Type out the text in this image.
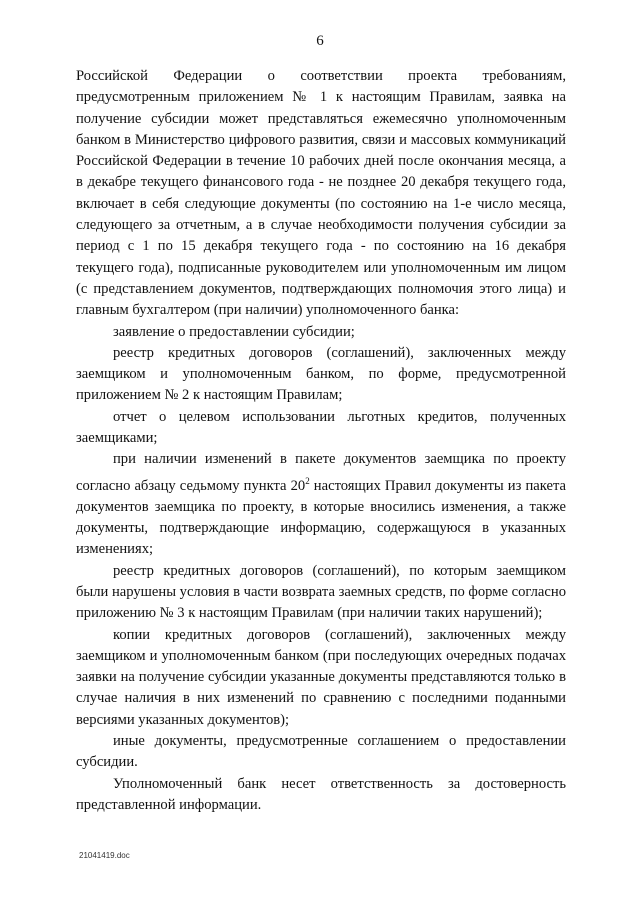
6

Российской Федерации о соответствии проекта требованиям, предусмотренным приложением № 1 к настоящим Правилам, заявка на получение субсидии может представляться ежемесячно уполномоченным банком в Министерство цифрового развития, связи и массовых коммуникаций Российской Федерации в течение 10 рабочих дней после окончания месяца, а в декабре текущего финансового года - не позднее 20 декабря текущего года, включает в себя следующие документы (по состоянию на 1-е число месяца, следующего за отчетным, а в случае необходимости получения субсидии за период с 1 по 15 декабря текущего года - по состоянию на 16 декабря текущего года), подписанные руководителем или уполномоченным им лицом (с представлением документов, подтверждающих полномочия этого лица) и главным бухгалтером (при наличии) уполномоченного банка:

заявление о предоставлении субсидии;

реестр кредитных договоров (соглашений), заключенных между заемщиком и уполномоченным банком, по форме, предусмотренной приложением № 2 к настоящим Правилам;

отчет о целевом использовании льготных кредитов, полученных заемщиками;

при наличии изменений в пакете документов заемщика по проекту согласно абзацу седьмому пункта $20^2$ настоящих Правил документы из пакета документов заемщика по проекту, в которые вносились изменения, а также документы, подтверждающие информацию, содержащуюся в указанных изменениях;

реестр кредитных договоров (соглашений), по которым заемщиком были нарушены условия в части возврата заемных средств, по форме согласно приложению № 3 к настоящим Правилам (при наличии таких нарушений);

копии кредитных договоров (соглашений), заключенных между заемщиком и уполномоченным банком (при последующих очередных подачах заявки на получение субсидии указанные документы представляются только в случае наличия в них изменений по сравнению с последними поданными версиями указанных документов);

иные документы, предусмотренные соглашением о предоставлении субсидии.

Уполномоченный банк несет ответственность за достоверность представленной информации.

21041419.doc
